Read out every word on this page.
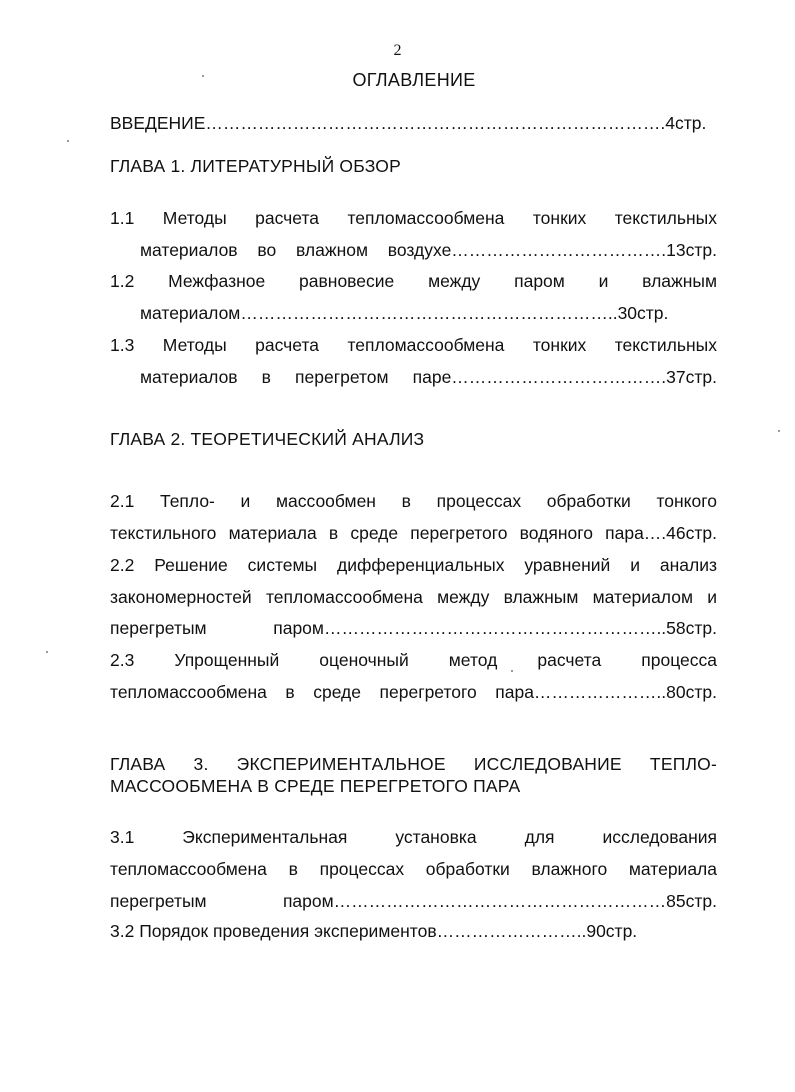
2
ОГЛАВЛЕНИЕ
ВВЕДЕНИЕ…………………………………………………………………….4стр.
ГЛАВА 1. ЛИТЕРАТУРНЫЙ ОБЗОР
1.1 Методы расчета тепломассообмена тонких текстильных
материалов во влажном воздухе……………………………….13стр.
1.2 Межфазное равновесие между паром и влажным
материалом………………………………………………………..30стр.
1.3 Методы расчета тепломассообмена тонких текстильных
материалов в перегретом паре……………………………….37стр.
ГЛАВА 2. ТЕОРЕТИЧЕСКИЙ АНАЛИЗ
2.1 Тепло- и массообмен в процессах обработки тонкого
текстильного материала в среде перегретого водяного пара….46стр.
2.2 Решение системы дифференциальных уравнений и анализ
закономерностей тепломассообмена между влажным материалом и
перегретым паром…………………………………………………..58стр.
2.3 Упрощенный оценочный метод расчета процесса
тепломассообмена в среде перегретого пара…………………..80стр.
ГЛАВА 3. ЭКСПЕРИМЕНТАЛЬНОЕ ИССЛЕДОВАНИЕ ТЕПЛО-
МАССООБМЕНА В СРЕДЕ ПЕРЕГРЕТОГО ПАРА
3.1 Экспериментальная установка для исследования
тепломассообмена в процессах обработки влажного материала
перегретым паром…………………………………………………85стр.
3.2 Порядок проведения экспериментов……………………..90стр.
